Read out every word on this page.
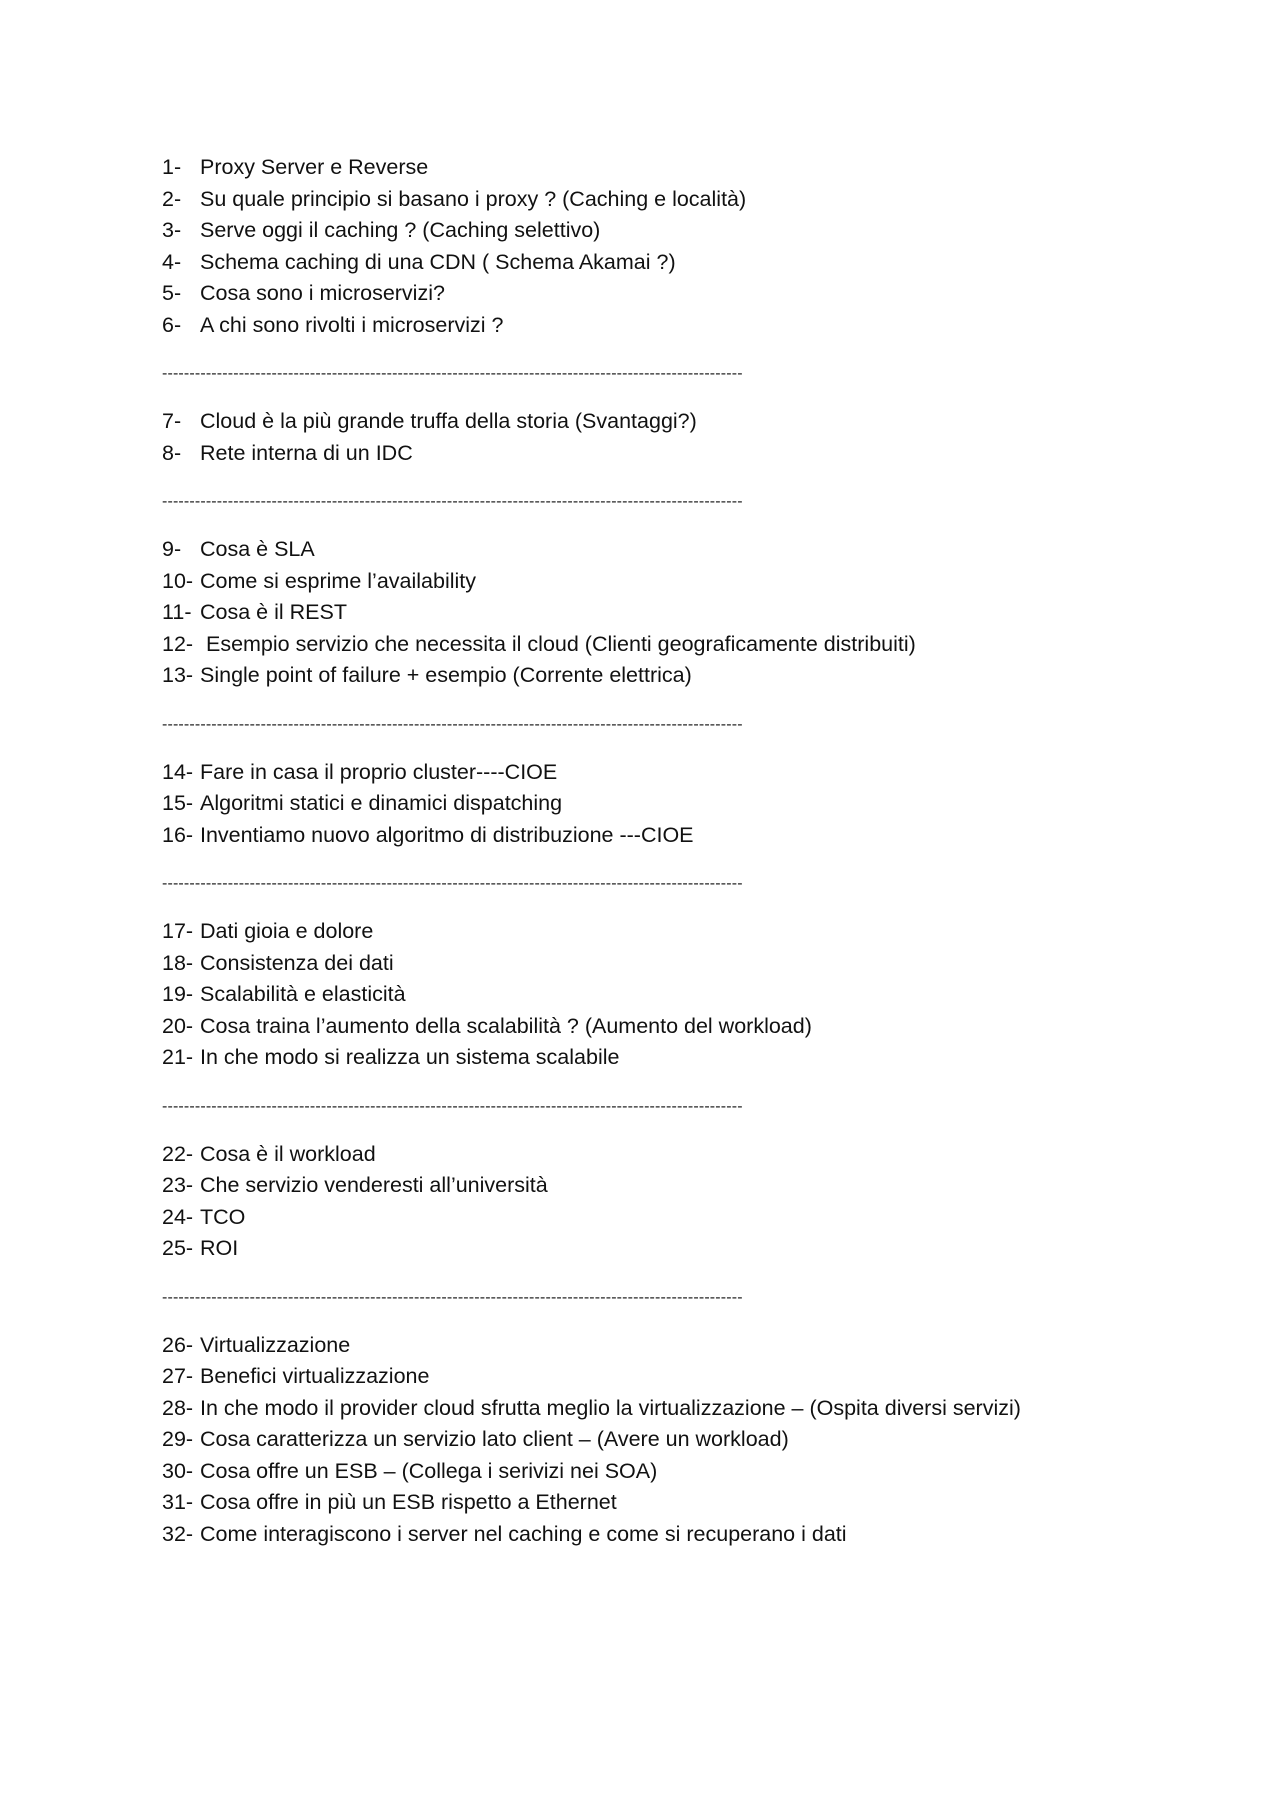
1- Proxy Server e Reverse
2- Su quale principio si basano i proxy ? (Caching e località)
3- Serve oggi il caching ? (Caching selettivo)
4- Schema caching di una CDN ( Schema Akamai ?)
5- Cosa sono i microservizi?
6- A chi sono rivolti i microservizi ?
----------------------------------------------------------------------------------------------------------
7- Cloud è la più grande truffa della storia (Svantaggi?)
8- Rete interna di un IDC
----------------------------------------------------------------------------------------------------------
9- Cosa è SLA
10- Come si esprime l’availability
11- Cosa è il REST
12- Esempio servizio che necessita il cloud (Clienti geograficamente distribuiti)
13- Single point of failure + esempio (Corrente elettrica)
----------------------------------------------------------------------------------------------------------
14- Fare in casa il proprio cluster----CIOE
15- Algoritmi statici e dinamici dispatching
16- Inventiamo nuovo algoritmo di distribuzione ---CIOE
----------------------------------------------------------------------------------------------------------
17- Dati gioia e dolore
18- Consistenza dei dati
19- Scalabilità e elasticità
20- Cosa traina l’aumento della scalabilità ? (Aumento del workload)
21- In che modo si realizza un sistema scalabile
----------------------------------------------------------------------------------------------------------
22- Cosa è il workload
23- Che servizio venderesti all’università
24- TCO
25- ROI
----------------------------------------------------------------------------------------------------------
26- Virtualizzazione
27- Benefici virtualizzazione
28- In che modo il provider cloud sfrutta meglio la virtualizzazione – (Ospita diversi servizi)
29- Cosa caratterizza un servizio lato client – (Avere un workload)
30- Cosa offre un ESB – (Collega i serivizi nei SOA)
31- Cosa offre in più un ESB rispetto a Ethernet
32- Come interagiscono i server nel caching e come si recuperano i dati
